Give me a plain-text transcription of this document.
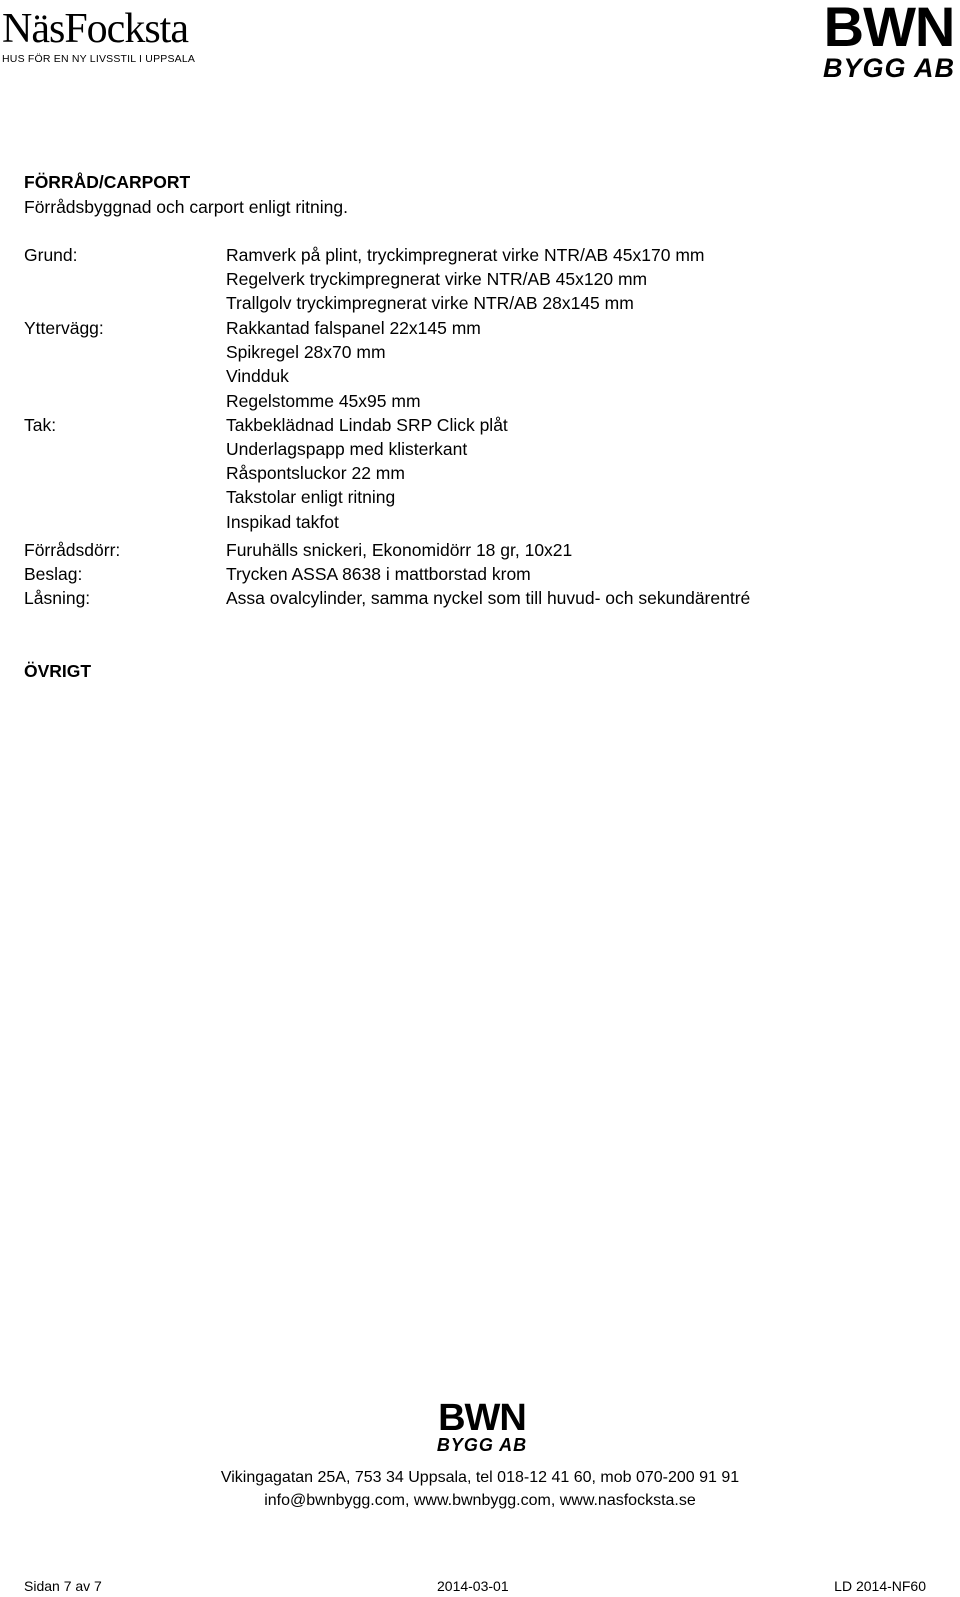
NäsFocksta
HUS FÖR EN NY LIVSSTIL I UPPSALA
BWN
BYGG AB
FÖRRÅD/CARPORT
Förrådsbyggnad och carport enligt ritning.
Grund:	Ramverk på plint, tryckimpregnerat virke NTR/AB 45x170 mm
Regelverk tryckimpregnerat virke NTR/AB 45x120 mm
Trallgolv tryckimpregnerat virke NTR/AB 28x145 mm
Yttervägg:	Rakkantad falspanel 22x145 mm
Spikregel 28x70 mm
Vindduk
Regelstomme 45x95 mm
Tak:	Takbeklädnad Lindab SRP Click plåt
Underlagspapp med klisterkant
Råspontsluckor 22 mm
Takstolar enligt ritning
Inspikad takfot
Förrådsdörr:	Furuhälls snickeri, Ekonomidörr 18 gr, 10x21
Beslag:	Trycken ASSA 8638 i mattborstad krom
Låsning:	Assa ovalcylinder, samma nyckel som till huvud- och sekundärentré
ÖVRIGT
BWN
BYGG AB
Vikingagatan 25A, 753 34 Uppsala, tel 018-12 41 60, mob 070-200 91 91
info@bwnbygg.com, www.bwnbygg.com, www.nasfocksta.se
Sidan 7 av 7	2014-03-01	LD 2014-NF60
